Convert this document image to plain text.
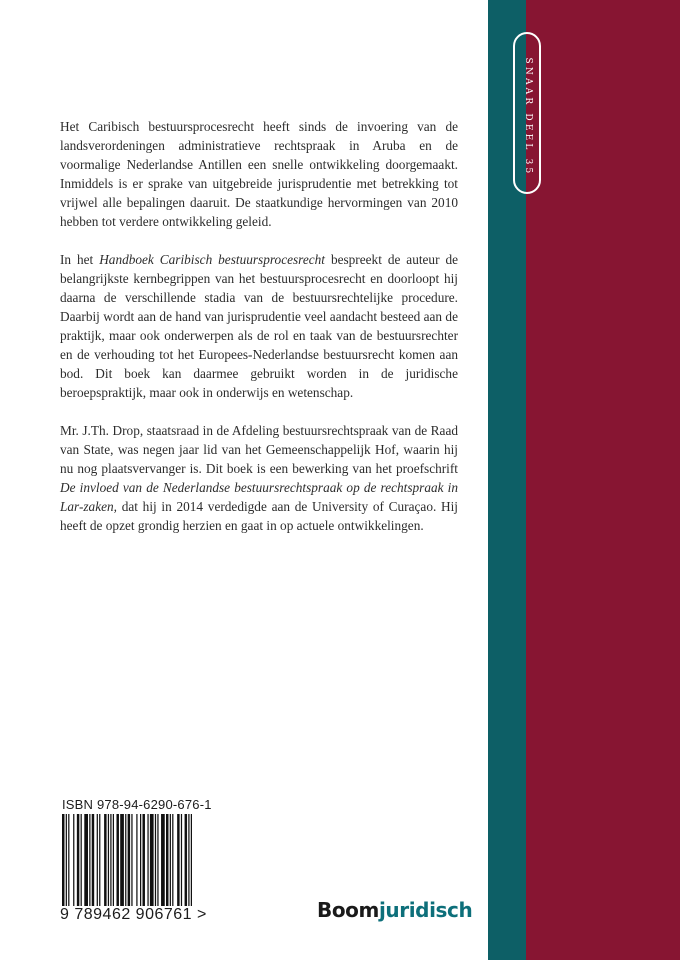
SNAAR DEEL 35

Het Caribisch bestuursprocesrecht heeft sinds de invoering van de landsverordeningen administratieve rechtspraak in Aruba en de voormalige Nederlandse Antillen een snelle ontwikkeling doorgemaakt. Inmiddels is er sprake van uitgebreide jurisprudentie met betrekking tot vrijwel alle bepalingen daaruit. De staatkundige hervormingen van 2010 hebben tot verdere ontwikkeling geleid.

In het Handboek Caribisch bestuursprocesrecht bespreekt de auteur de belangrijkste kernbegrippen van het bestuursprocesrecht en doorloopt hij daarna de verschillende stadia van de bestuursrechtelijke procedure. Daarbij wordt aan de hand van jurisprudentie veel aandacht besteed aan de praktijk, maar ook onderwerpen als de rol en taak van de bestuursrechter en de verhouding tot het Europees-Nederlandse bestuursrecht komen aan bod. Dit boek kan daarmee gebruikt worden in de juridische beroepspraktijk, maar ook in onderwijs en wetenschap.

Mr. J.Th. Drop, staatsraad in de Afdeling bestuursrechtspraak van de Raad van State, was negen jaar lid van het Gemeenschappelijk Hof, waarin hij nu nog plaatsvervanger is. Dit boek is een bewerking van het proefschrift De invloed van de Nederlandse bestuursrechtspraak op de rechtspraak in Lar-zaken, dat hij in 2014 verdedigde aan de University of Curaçao. Hij heeft de opzet grondig herzien en gaat in op actuele ontwikkelingen.

ISBN 978-94-6290-676-1
9 789462 906761 >	Boomjuridisch
